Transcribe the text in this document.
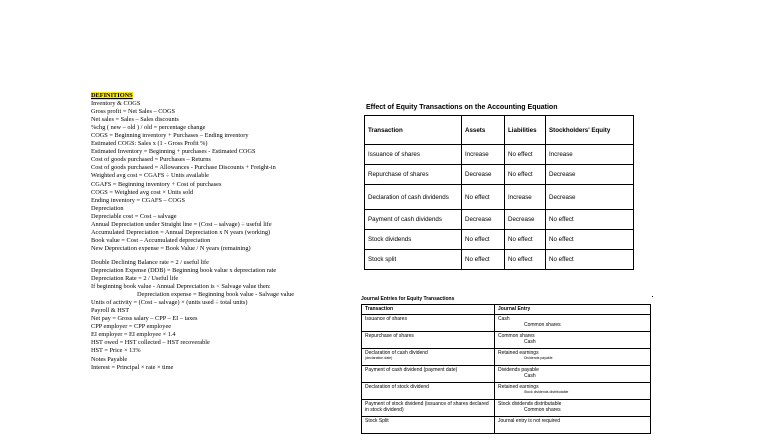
DEFINITIONS
Inventory & COGS
Gross profit = Net Sales – COGS
Net sales = Sales – Sales discounts
%chg ( new – old ) / old = percentage change
COGS = Beginning inventory + Purchases – Ending inventory
Estimated COGS: Sales x (1 - Gross Profit %)
Estimated Inventory = Beginning + purchases - Estimated COGS
Cost of goods purchased = Purchases – Returns
Cost of goods purchased = Allowances - Purchase Discounts + Freight-in
Weighted avg cost = CGAFS ÷ Units available
CGAFS = Beginning inventory + Cost of purchases
COGS = Weighted avg cost × Units sold
Ending inventory = CGAFS – COGS
Depreciation
Depreciable cost = Cost – salvage
Annual Depreciation under Straight line = (Cost – salvage) ÷ useful life
Accumulated Depreciation = Annual Depreciation x N years (working)
Book value = Cost – Accumulated depreciation
New Depreciation expense = Book Value / N years (remaining)
Double Declining Balance rate = 2 / useful life
Depreciation Expense (DDB) = Beginning book value x depreciation rate
Depreciation Rate = 2 / Useful life
If beginning book value - Annual Depreciation is < Salvage value then:
Depreciation expense = Beginning book value - Salvage value
Units of activity = (Cost – salvage) × (units used ÷ total units)
Payroll & HST
Net pay = Gross salary – CPP – EI – taxes
CPP employer = CPP employee
EI employer = EI employee × 1.4
HST owed = HST collected – HST recoverable
HST = Price × 13%
Notes Payable
Interest = Principal × rate × time
Effect of Equity Transactions on the Accounting Equation
Transaction	Assets	Liabilities	Stockholders' Equity
Issuance of shares	Increase	No effect	Increase
Repurchase of shares	Decrease	No effect	Decrease
Declaration of cash dividends	No effect	Increase	Decrease
Payment of cash dividends	Decrease	Decrease	No effect
Stock dividends	No effect	No effect	No effect
Stock split	No effect	No effect	No effect
Journal Entries for Equity Transactions
Transaction	Journal Entry
Issuance of shares	Cash
Common shares

Repurchase of shares	Common shares
Cash

Declaration of cash dividend
(declaration date)	Retained earnings
Dividends payable

Payment of cash dividend (payment date)	Dividends payable
Cash

Declaration of stock dividend	Retained earnings
Stock dividends distributable

Payment of stock dividend (issuance of shares declared in stock dividend)	Stock dividends distributable
Common shares

Stock Split	Journal entry is not required
